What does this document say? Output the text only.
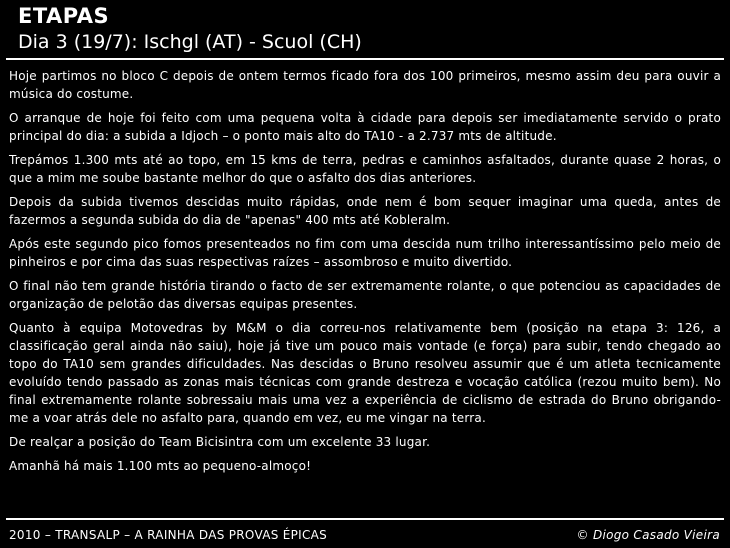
ETAPAS
Dia 3 (19/7): Ischgl (AT) - Scuol (CH)

Hoje partimos no bloco C depois de ontem termos ficado fora dos 100 primeiros, mesmo assim deu para ouvir a música do costume.

O arranque de hoje foi feito com uma pequena volta à cidade para depois ser imediatamente servido o prato principal do dia: a subida a Idjoch – o ponto mais alto do TA10 - a 2.737 mts de altitude.

Trepámos 1.300 mts até ao topo, em 15 kms de terra, pedras e caminhos asfaltados, durante quase 2 horas, o que a mim me soube bastante melhor do que o asfalto dos dias anteriores.

Depois da subida tivemos descidas muito rápidas, onde nem é bom sequer imaginar uma queda, antes de fazermos a segunda subida do dia de "apenas" 400 mts até Kobleralm.

Após este segundo pico fomos presenteados no fim com uma descida num trilho interessantíssimo pelo meio de pinheiros e por cima das suas respectivas raízes – assombroso e muito divertido.

O final não tem grande história tirando o facto de ser extremamente rolante, o que potenciou as capacidades de organização de pelotão das diversas equipas presentes.

Quanto à equipa Motovedras by M&M o dia correu-nos relativamente bem (posição na etapa 3: 126, a classificação geral ainda não saiu), hoje já tive um pouco mais vontade (e força) para subir, tendo chegado ao topo do TA10 sem grandes dificuldades. Nas descidas o Bruno resolveu assumir que é um atleta tecnicamente evoluído tendo passado as zonas mais técnicas com grande destreza e vocação católica (rezou muito bem). No final extremamente rolante sobressaiu mais uma vez a experiência de ciclismo de estrada do Bruno obrigando-me a voar atrás dele no asfalto para, quando em vez, eu me vingar na terra.

De realçar a posição do Team Bicisintra com um excelente 33 lugar.

Amanhã há mais 1.100 mts ao pequeno-almoço!

2010 – TRANSALP – A RAINHA DAS PROVAS ÉPICAS	© Diogo Casado Vieira
